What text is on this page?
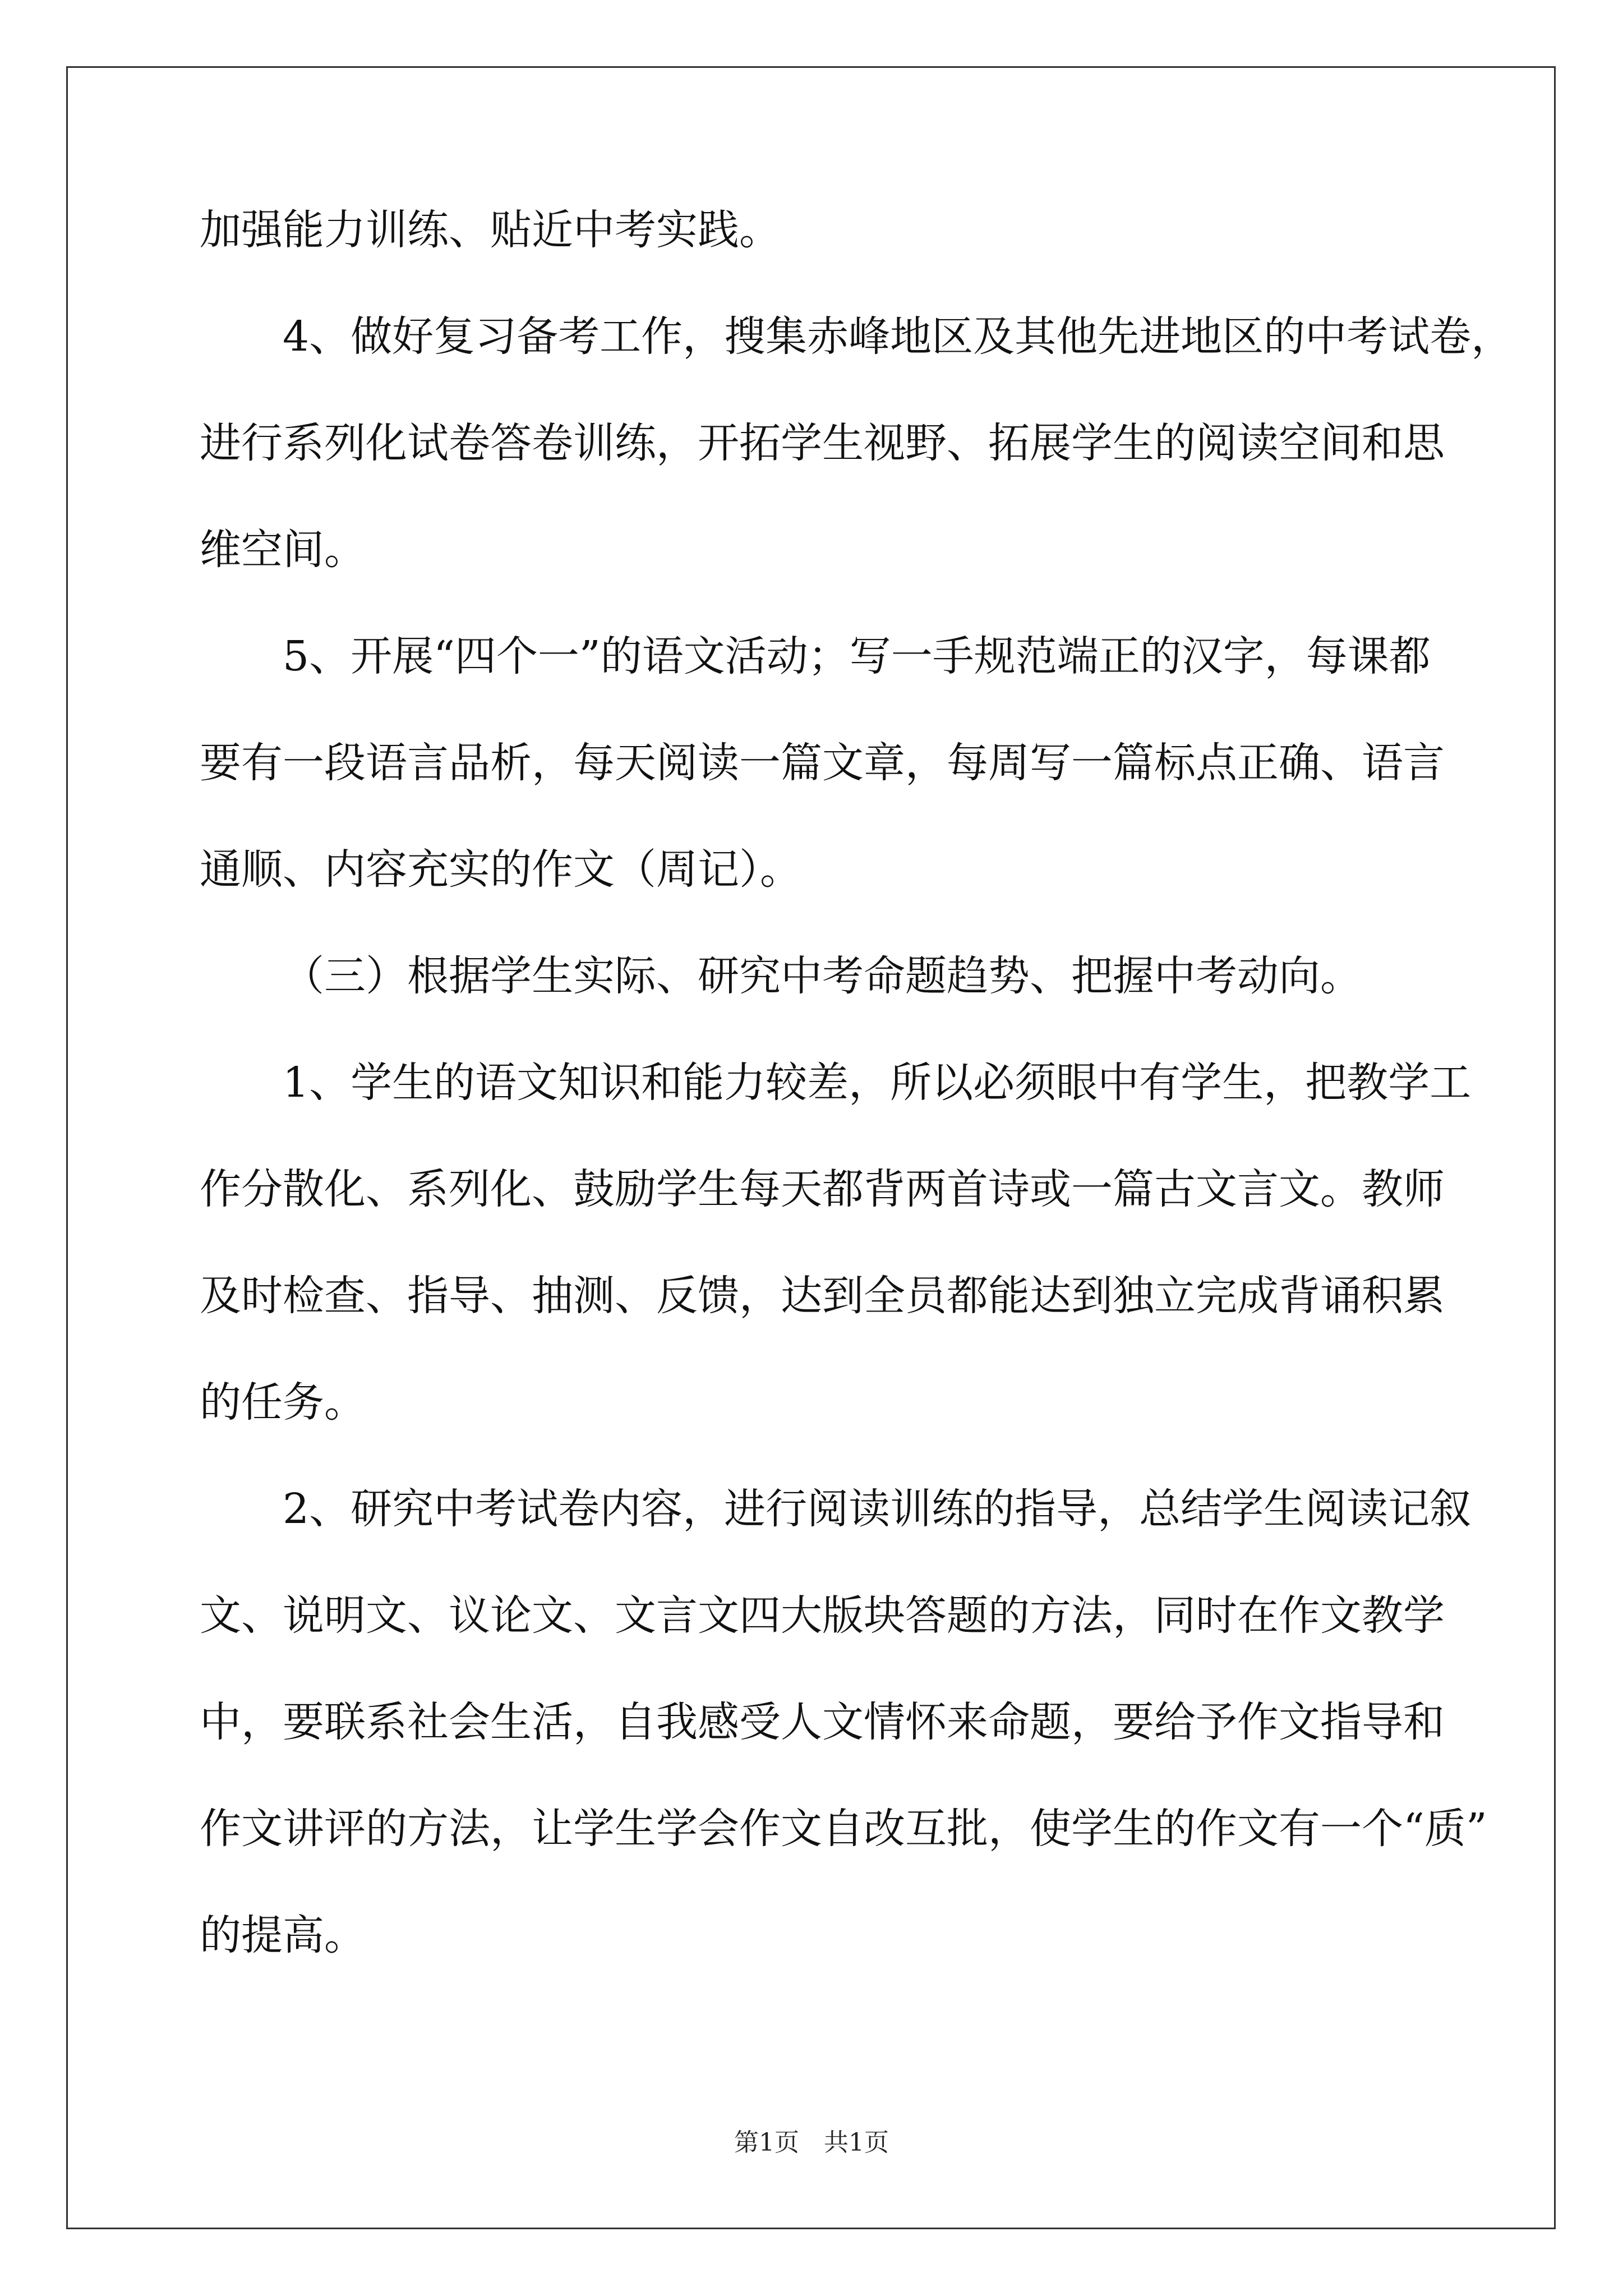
加强能力训练、贴近中考实践。
4、做好复习备考工作，搜集赤峰地区及其他先进地区的中考试卷，
进行系列化试卷答卷训练，开拓学生视野、拓展学生的阅读空间和思
维空间。
5、开展“四个一”的语文活动；写一手规范端正的汉字，每课都
要有一段语言品析，每天阅读一篇文章，每周写一篇标点正确、语言
通顺、内容充实的作文（周记）。
（三）根据学生实际、研究中考命题趋势、把握中考动向。
1、学生的语文知识和能力较差，所以必须眼中有学生，把教学工
作分散化、系列化、鼓励学生每天都背两首诗或一篇古文言文。教师
及时检查、指导、抽测、反馈，达到全员都能达到独立完成背诵积累
的任务。
2、研究中考试卷内容，进行阅读训练的指导，总结学生阅读记叙
文、说明文、议论文、文言文四大版块答题的方法，同时在作文教学
中，要联系社会生活，自我感受人文情怀来命题，要给予作文指导和
作文讲评的方法，让学生学会作文自改互批，使学生的作文有一个“质”
的提高。
第1页　共1页
